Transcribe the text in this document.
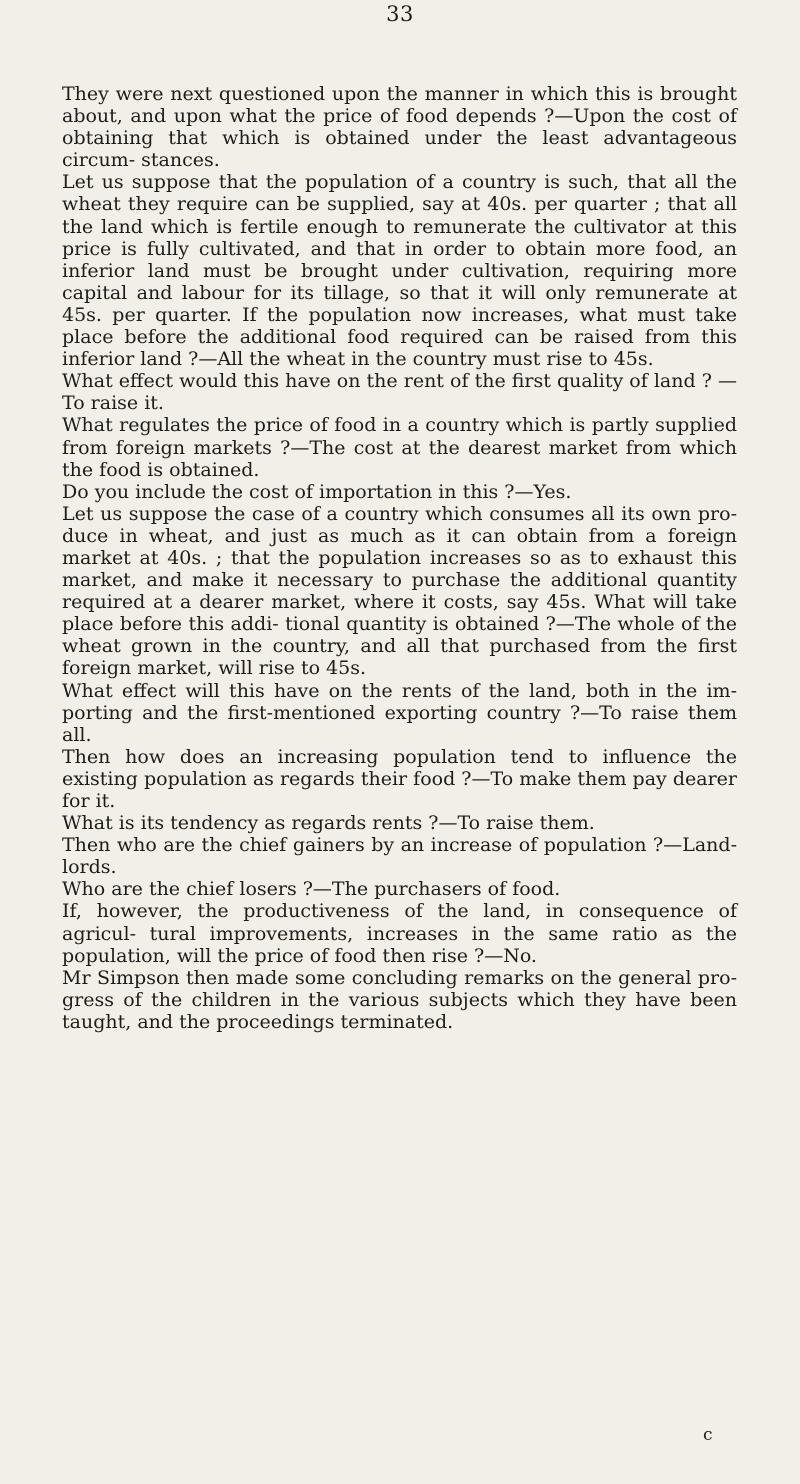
33

They were next questioned upon the manner in which this is brought about, and upon what the price of food depends ?—Upon the cost of obtaining that which is obtained under the least advantageous circum- stances.

Let us suppose that the population of a country is such, that all the wheat they require can be supplied, say at 40s. per quarter ; that all the land which is fertile enough to remunerate the cultivator at this price is fully cultivated, and that in order to obtain more food, an inferior land must be brought under cultivation, requiring more capital and labour for its tillage, so that it will only remunerate at 45s. per quarter. If the population now increases, what must take place before the additional food required can be raised from this inferior land ?—All the wheat in the country must rise to 45s.

What effect would this have on the rent of the first quality of land ? —To raise it.

What regulates the price of food in a country which is partly supplied from foreign markets ?—The cost at the dearest market from which the food is obtained.

Do you include the cost of importation in this ?—Yes.

Let us suppose the case of a country which consumes all its own pro- duce in wheat, and just as much as it can obtain from a foreign market at 40s. ; that the population increases so as to exhaust this market, and make it necessary to purchase the additional quantity required at a dearer market, where it costs, say 45s. What will take place before this addi- tional quantity is obtained ?—The whole of the wheat grown in the country, and all that purchased from the first foreign market, will rise to 45s.

What effect will this have on the rents of the land, both in the im- porting and the first-mentioned exporting country ?—To raise them all.

Then how does an increasing population tend to influence the existing population as regards their food ?—To make them pay dearer for it.

What is its tendency as regards rents ?—To raise them.

Then who are the chief gainers by an increase of population ?—Land- lords.

Who are the chief losers ?—The purchasers of food.

If, however, the productiveness of the land, in consequence of agricul- tural improvements, increases in the same ratio as the population, will the price of food then rise ?—No.

Mr Simpson then made some concluding remarks on the general pro- gress of the children in the various subjects which they have been taught, and the proceedings terminated.

c
